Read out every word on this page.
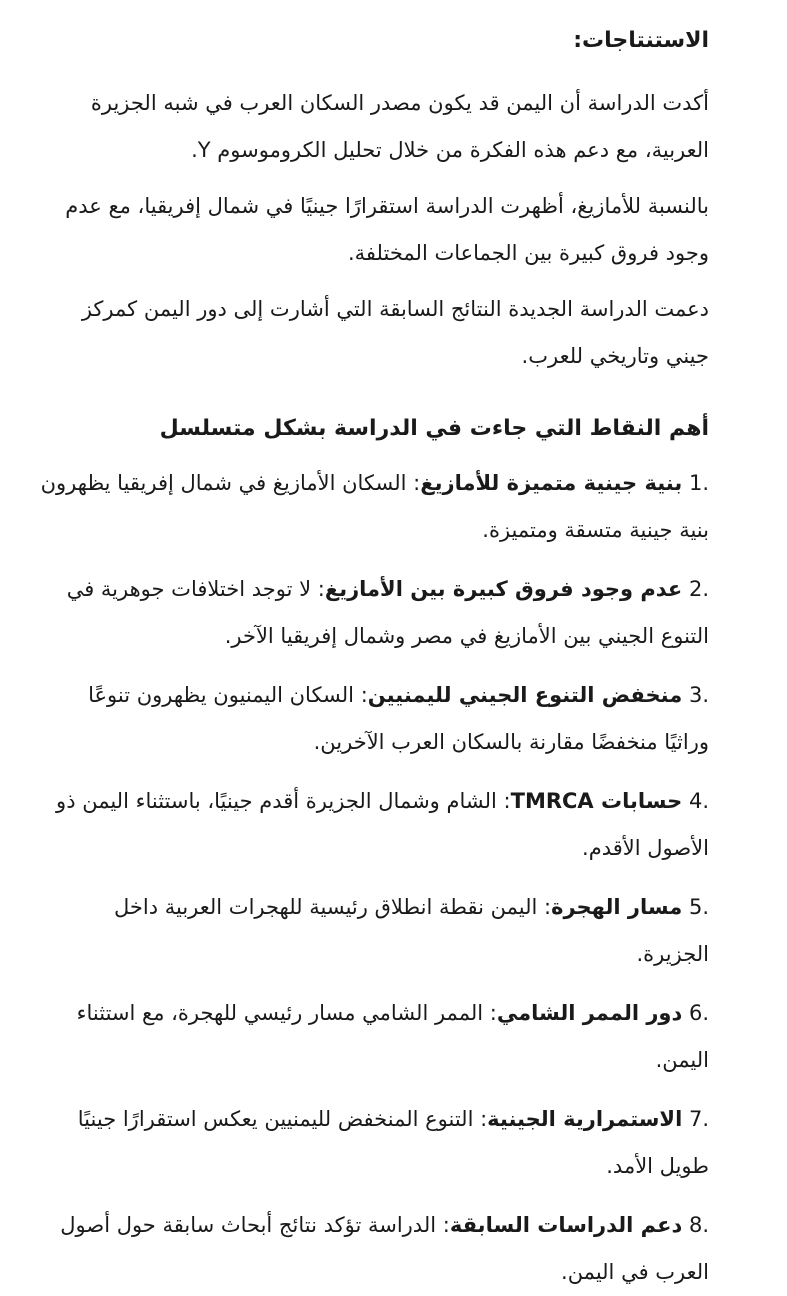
الاستنتاجات:

أكدت الدراسة أن اليمن قد يكون مصدر السكان العرب في شبه الجزيرة العربية، مع دعم هذه الفكرة من خلال تحليل الكروموسوم Y.

بالنسبة للأمازيغ، أظهرت الدراسة استقرارًا جينيًا في شمال إفريقيا، مع عدم وجود فروق كبيرة بين الجماعات المختلفة.

دعمت الدراسة الجديدة النتائج السابقة التي أشارت إلى دور اليمن كمركز جيني وتاريخي للعرب.

أهم النقاط التي جاءت في الدراسة بشكل متسلسل
1. بنية جينية متميزة للأمازيغ: السكان الأمازيغ في شمال إفريقيا يظهرون بنية جينية متسقة ومتميزة.
2. عدم وجود فروق كبيرة بين الأمازيغ: لا توجد اختلافات جوهرية في التنوع الجيني بين الأمازيغ في مصر وشمال إفريقيا الآخر.
3. منخفض التنوع الجيني لليمنيين: السكان اليمنيون يظهرون تنوعًا وراثيًا منخفضًا مقارنة بالسكان العرب الآخرين.
4. حسابات TMRCA: الشام وشمال الجزيرة أقدم جينيًا، باستثناء اليمن ذو الأصول الأقدم.
5. مسار الهجرة: اليمن نقطة انطلاق رئيسية للهجرات العربية داخل الجزيرة.
6. دور الممر الشامي: الممر الشامي مسار رئيسي للهجرة، مع استثناء اليمن.
7. الاستمرارية الجينية: التنوع المنخفض لليمنيين يعكس استقرارًا جينيًا طويل الأمد.
8. دعم الدراسات السابقة: الدراسة تؤكد نتائج أبحاث سابقة حول أصول العرب في اليمن.
